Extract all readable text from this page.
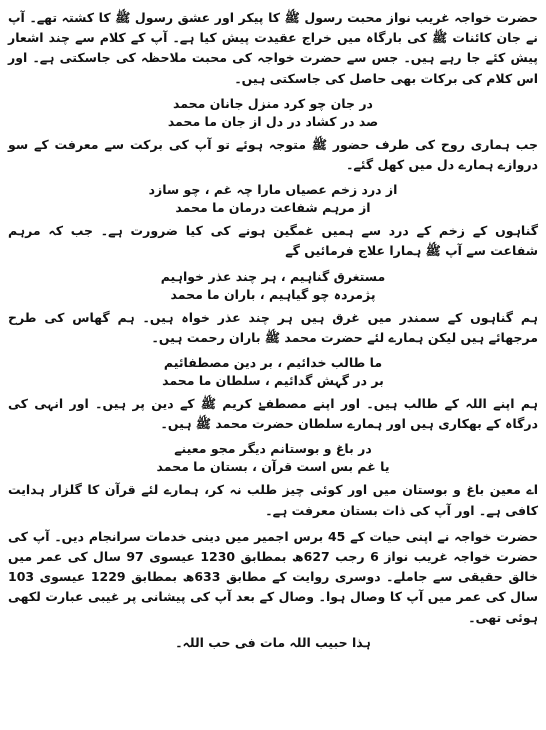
حضرت خواجہ غریب نواز محبت رسول ﷺ کا پیکر اور عشق رسول ﷺ کا کشتہ تھے۔ آپ نے جان کائنات ﷺ کی بارگاہ میں خراج عقیدت پیش کیا ہے۔ آپ کے کلام سے چند اشعار پیش کئے جا رہے ہیں۔ جس سے حضرت خواجہ کی محبت ملاحظہ کی جاسکتی ہے۔ اور اس کلام کی برکات بھی حاصل کی جاسکتی ہیں۔

در جان چو کرد منزل جانان محمد

صد در کشاد در دل از جان ما محمد

جب ہماری روح کی طرف حضور ﷺ متوجہ ہوئے تو آپ کی برکت سے معرفت کے سو دروازے ہمارے دل میں کھل گئے۔

از درد زخم عصیاں مارا چہ غم ، چو سازد

از مرہم شفاعت درمان ما محمد

گناہوں کے زخم کے درد سے ہمیں غمگین ہونے کی کیا ضرورت ہے۔ جب کہ مرہم شفاعت سے آپ ﷺ ہمارا علاج فرمائیں گے

مستغرق گناہیم ، ہر چند عذر خواہیم

پژمردہ چو گیاہیم ، باران ما محمد

ہم گناہوں کے سمندر میں غرق ہیں ہر چند عذر خواہ ہیں۔ ہم گھاس کی طرح مرجھائے ہیں لیکن ہمارے لئے حضرت محمد ﷺ باران رحمت ہیں۔

ما طالب خدائیم ، بر دین مصطفائیم

بر در گہش گدائیم ، سلطان ما محمد

ہم اپنے اللہ کے طالب ہیں۔ اور اپنے مصطفےٰ کریم ﷺ کے دین پر ہیں۔ اور انہی کی درگاہ کے بھکاری ہیں اور ہمارے سلطان حضرت محمد ﷺ ہیں۔

در باغ و بوستانم دیگر مجو معینے

یا غم بس است قرآن ، بستان ما محمد

اے معین باغ و بوستان میں اور کوئی چیز طلب نہ کر، ہمارے لئے قرآن کا گلزار ہدایت کافی ہے۔ اور آپ کی ذات بستان معرفت ہے۔

حضرت خواجہ نے اپنی حیات کے 45 برس اجمیر میں دینی خدمات سرانجام دیں۔ آپ کی حضرت خواجہ غریب نواز 6 رجب 627ھ بمطابق 1230 عیسوی 97 سال کی عمر میں خالق حقیقی سے جاملے۔ دوسری روایت کے مطابق 633ھ بمطابق 1229 عیسوی 103 سال کی عمر میں آپ کا وصال ہوا۔ وصال کے بعد آپ کی پیشانی پر غیبی عبارت لکھی ہوئی تھی۔

ہذا حبیب اللہ مات فی حب اللہ۔
